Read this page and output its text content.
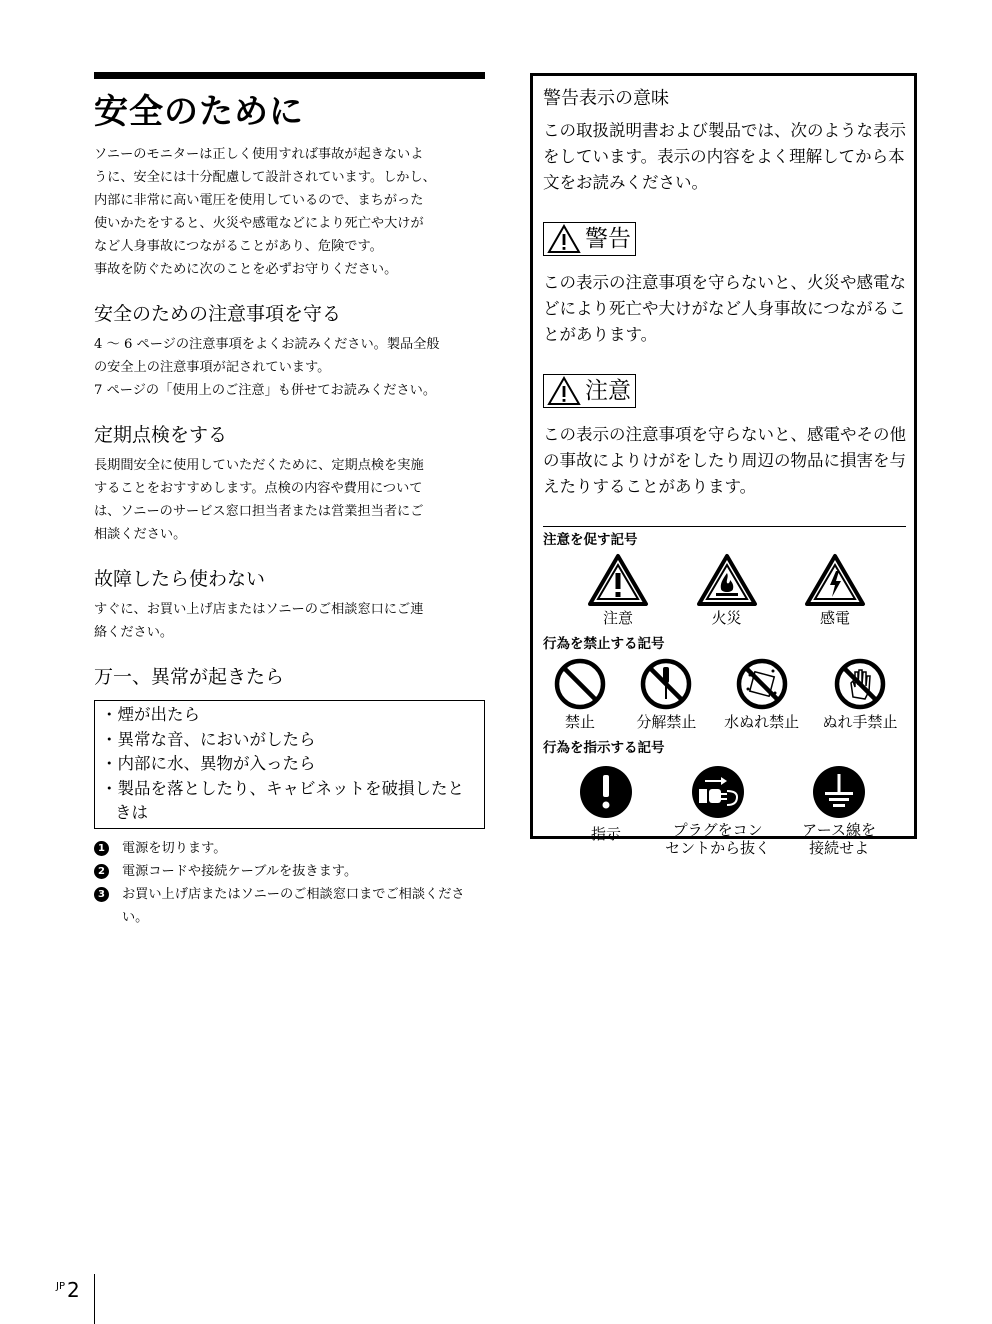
安全のために

ソニーのモニターは正しく使用すれば事故が起きないよ

うに、安全には十分配慮して設計されています。しかし、

内部に非常に高い電圧を使用しているので、まちがった

使いかたをすると、火災や感電などにより死亡や大けが

など人身事故につながることがあり、危険です。

事故を防ぐために次のことを必ずお守りください。

安全のための注意事項を守る

4 ～ 6 ページの注意事項をよくお読みください。製品全般

の安全上の注意事項が記されています。

7 ページの「使用上のご注意」も併せてお読みください。

定期点検をする

長期間安全に使用していただくために、定期点検を実施

することをおすすめします。点検の内容や費用について

は、ソニーのサービス窓口担当者または営業担当者にご

相談ください。

故障したら使わない

すぐに、お買い上げ店またはソニーのご相談窓口にご連

絡ください。

万一、異常が起きたら
・煙が出たら
・異常な音、においがしたら
・内部に水、異物が入ったら
・製品を落としたり、キャビネットを破損したときは
1	電源を切ります。
2	電源コードや接続ケーブルを抜きます。
3	お買い上げ店またはソニーのご相談窓口までご相談ください。
警告表示の意味
この取扱説明書および製品では、次のような表示をしています。表示の内容をよく理解してから本文をお読みください。
警告
この表示の注意事項を守らないと、火災や感電などにより死亡や大けがなど人身事故につながることがあります。
注意
この表示の注意事項を守らないと、感電やその他の事故によりけがをしたり周辺の物品に損害を与えたりすることがあります。
注意を促す記号
注意	火災	感電
行為を禁止する記号
禁止	分解禁止 水ぬれ禁止 ぬれ手禁止
行為を指示する記号
指示	プラグをコン
セントから抜く
アース線を
接続せよ
$^{JP}$ 2
